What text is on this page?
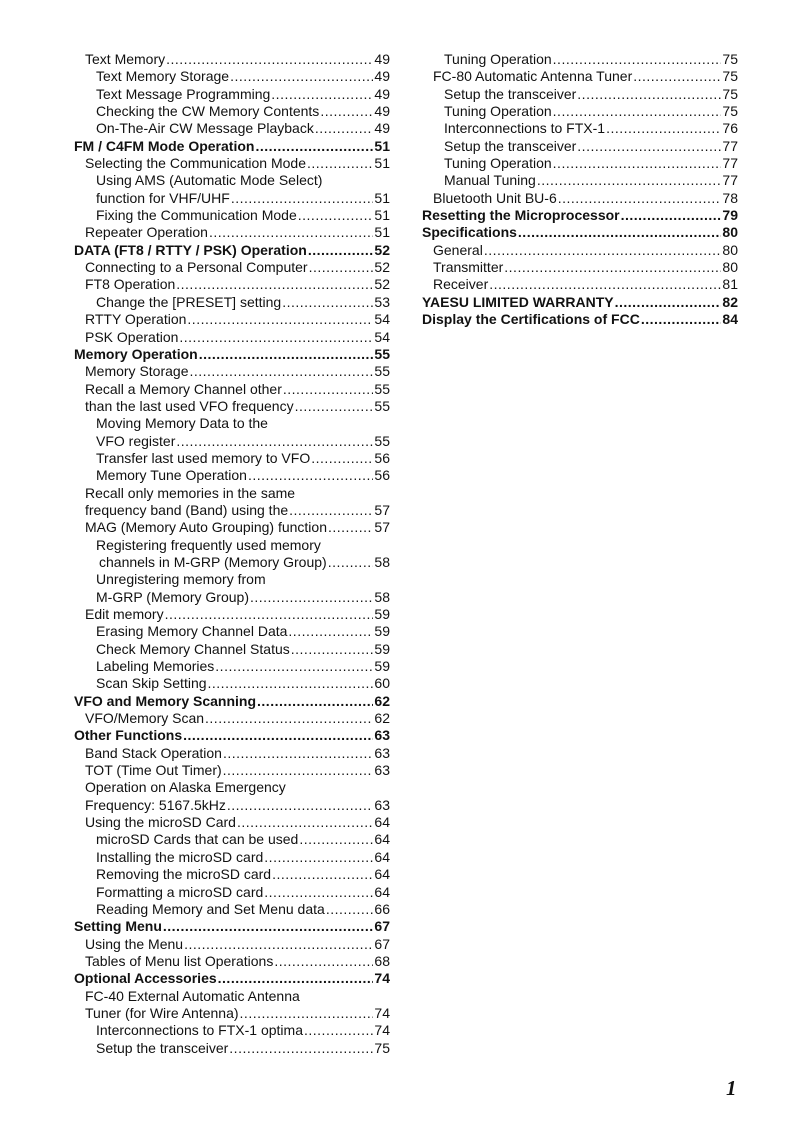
Text Memory .....	49
Text Memory Storage .....	49
Text Message Programming .....	49
Checking the CW Memory Contents .....	49
On-The-Air CW Message Playback .....	49
FM / C4FM Mode Operation .....	51
Selecting the Communication Mode .....	51
Using AMS (Automatic Mode Select)
function for VHF/UHF .....	51
Fixing the Communication Mode .....	51
Repeater Operation .....	51
DATA (FT8 / RTTY / PSK) Operation .....	52
Connecting to a Personal Computer .....	52
FT8 Operation .....	52
Change the [PRESET] setting .....	53
RTTY Operation .....	54
PSK Operation .....	54
Memory Operation .....	55
Memory Storage .....	55
Recall a Memory Channel other .....	55
than the last used VFO frequency .....	55
Moving Memory Data to the
VFO register .....	55
Transfer last used memory to VFO .....	56
Memory Tune Operation .....	56
Recall only memories in the same
frequency band (Band) using the .....	57
MAG (Memory Auto Grouping) function .....	57
Registering frequently used memory
channels in M-GRP (Memory Group) .....	58
Unregistering memory from
M-GRP (Memory Group) .....	58
Edit memory .....	59
Erasing Memory Channel Data .....	59
Check Memory Channel Status .....	59
Labeling Memories .....	59
Scan Skip Setting .....	60
VFO and Memory Scanning .....	62
VFO/Memory Scan .....	62
Other Functions .....	63
Band Stack Operation .....	63
TOT (Time Out Timer) .....	63
Operation on Alaska Emergency
Frequency: 5167.5kHz .....	63
Using the microSD Card .....	64
microSD Cards that can be used .....	64
Installing the microSD card .....	64
Removing the microSD card .....	64
Formatting a microSD card .....	64
Reading Memory and Set Menu data .....	66
Setting Menu .....	67
Using the Menu .....	67
Tables of Menu list Operations .....	68
Optional Accessories .....	74
FC-40 External Automatic Antenna
Tuner (for Wire Antenna) .....	74
Interconnections to FTX-1 optima .....	74
Setup the transceiver .....	75
Tuning Operation .....	75
FC-80 Automatic Antenna Tuner .....	75
Setup the transceiver .....	75
Tuning Operation .....	75
Interconnections to FTX-1 .....	76
Setup the transceiver .....	77
Tuning Operation .....	77
Manual Tuning .....	77
Bluetooth Unit BU-6 .....	78
Resetting the Microprocessor .....	79
Specifications .....	80
General .....	80
Transmitter .....	80
Receiver .....	81
YAESU LIMITED WARRANTY .....	82
Display the Certifications of FCC .....	84
1
